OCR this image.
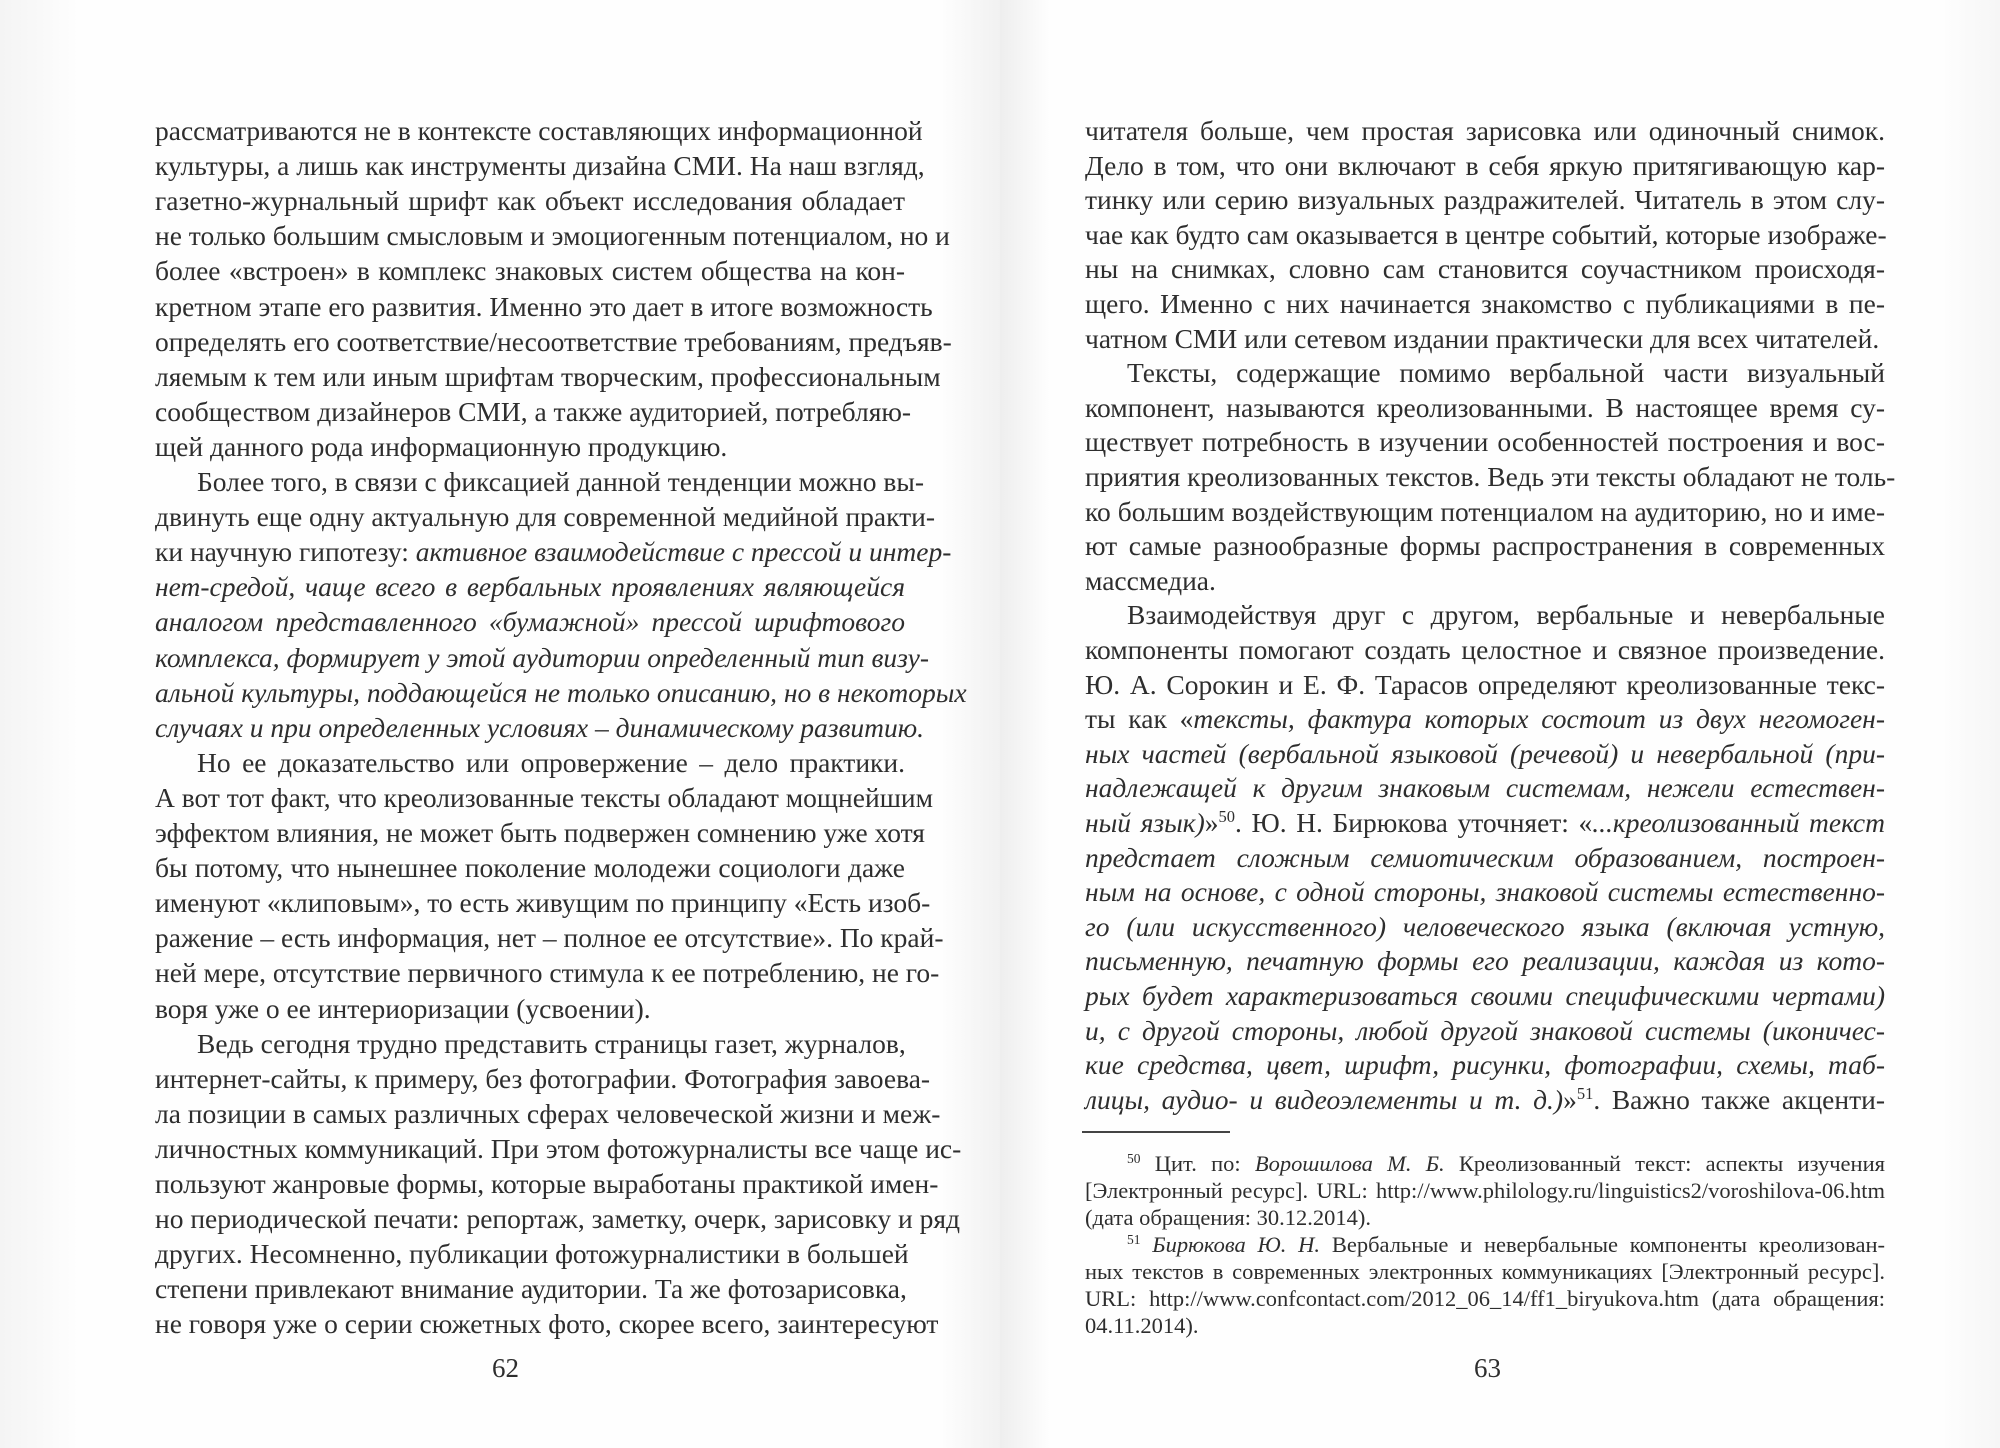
62
рассматриваются не в контексте составляющих информационной
культуры, а лишь как инструменты дизайна СМИ. На наш взгляд,
газетно-журнальный шрифт как объект исследования обладает
не только большим смысловым и эмоциогенным потенциалом, но и
более «встроен» в комплекс знаковых систем общества на кон-
кретном этапе его развития. Именно это дает в итоге возможность
определять его соответствие/несоответствие требованиям, предъяв-
ляемым к тем или иным шрифтам творческим, профессиональным
сообществом дизайнеров СМИ, а также аудиторией, потребляю-
щей данного рода информационную продукцию.
Более того, в связи с фиксацией данной тенденции можно вы-
двинуть еще одну актуальную для современной медийной практи-
ки научную гипотезу: активное взаимодействие с прессой и интер-
нет-средой, чаще всего в вербальных проявлениях являющейся
аналогом представленного «бумажной» прессой шрифтового
комплекса, формирует у этой аудитории определенный тип визу-
альной культуры, поддающейся не только описанию, но в некоторых
случаях и при определенных условиях – динамическому развитию.
Но ее доказательство или опровержение – дело практики.
А вот тот факт, что креолизованные тексты обладают мощнейшим
эффектом влияния, не может быть подвержен сомнению уже хотя
бы потому, что нынешнее поколение молодежи социологи даже
именуют «клиповым», то есть живущим по принципу «Есть изоб-
ражение – есть информация, нет – полное ее отсутствие». По край-
ней мере, отсутствие первичного стимула к ее потреблению, не го-
воря уже о ее интериоризации (усвоении).
Ведь сегодня трудно представить страницы газет, журналов,
интернет-сайты, к примеру, без фотографии. Фотография завоева-
ла позиции в самых различных сферах человеческой жизни и меж-
личностных коммуникаций. При этом фотожурналисты все чаще ис-
пользуют жанровые формы, которые выработаны практикой имен-
но периодической печати: репортаж, заметку, очерк, зарисовку и ряд
других. Несомненно, публикации фотожурналистики в большей
степени привлекают внимание аудитории. Та же фотозарисовка,
не говоря уже о серии сюжетных фото, скорее всего, заинтересуют
63
читателя больше, чем простая зарисовка или одиночный снимок.
Дело в том, что они включают в себя яркую притягивающую кар-
тинку или серию визуальных раздражителей. Читатель в этом слу-
чае как будто сам оказывается в центре событий, которые изображе-
ны на снимках, словно сам становится соучастником происходя-
щего. Именно с них начинается знакомство с публикациями в пе-
чатном СМИ или сетевом издании практически для всех читателей.
Тексты, содержащие помимо вербальной части визуальный
компонент, называются креолизованными. В настоящее время су-
ществует потребность в изучении особенностей построения и вос-
приятия креолизованных текстов. Ведь эти тексты обладают не толь-
ко большим воздействующим потенциалом на аудиторию, но и име-
ют самые разнообразные формы распространения в современных
массмедиа.
Взаимодействуя друг с другом, вербальные и невербальные
компоненты помогают создать целостное и связное произведение.
Ю. А. Сорокин и Е. Ф. Тарасов определяют креолизованные текс-
ты как «тексты, фактура которых состоит из двух негомоген-
ных частей (вербальной языковой (речевой) и невербальной (при-
надлежащей к другим знаковым системам, нежели естествен-
ный язык)»$^{50}$. Ю. Н. Бирюкова уточняет: «...креолизованный текст
предстает сложным семиотическим образованием, построен-
ным на основе, с одной стороны, знаковой системы естественно-
го (или искусственного) человеческого языка (включая устную,
письменную, печатную формы его реализации, каждая из кото-
рых будет характеризоваться своими специфическими чертами)
и, с другой стороны, любой другой знаковой системы (иконичес-
кие средства, цвет, шрифт, рисунки, фотографии, схемы, таб-
лицы, аудио- и видеоэлементы и т. д.)»$^{51}$. Важно также акценти-
$^{50}$ Цит. по: Ворошилова М. Б. Креолизованный текст: аспекты изучения
[Электронный ресурс]. URL: http://www.philology.ru/linguistics2/voroshilova-06.htm
(дата обращения: 30.12.2014).
$^{51}$ Бирюкова Ю. Н. Вербальные и невербальные компоненты креолизован-
ных текстов в современных электронных коммуникациях [Электронный ресурс].
URL: http://www.confcontact.com/2012_06_14/ff1_biryukova.htm (дата обращения:
04.11.2014).
